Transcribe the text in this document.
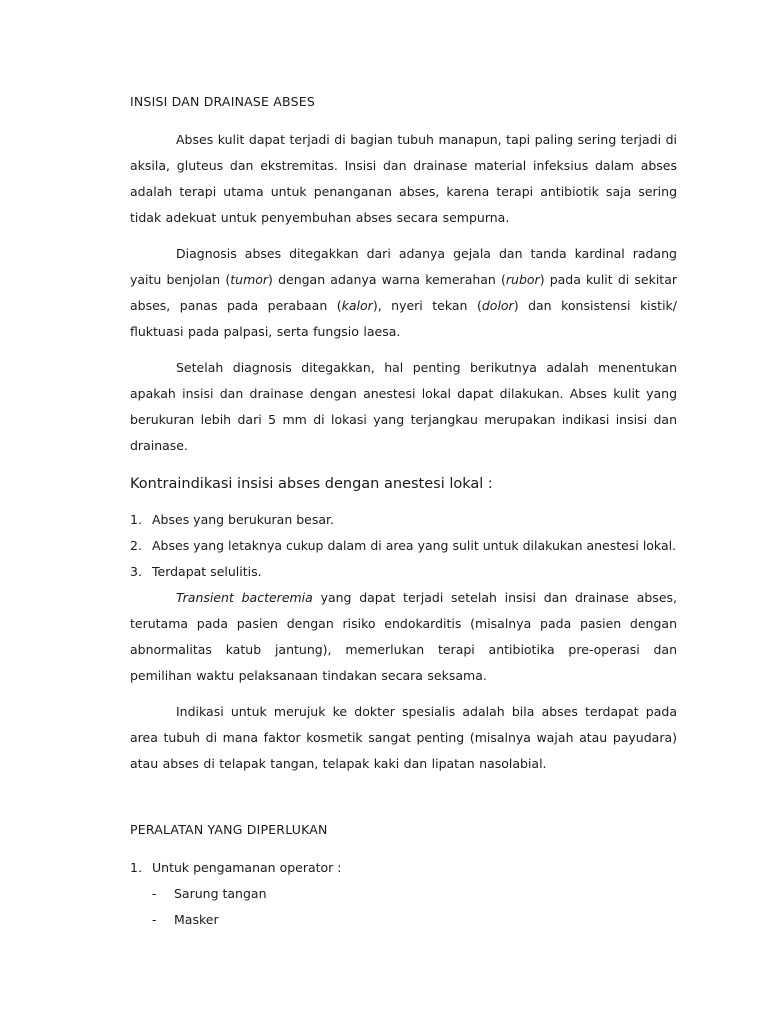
INSISI DAN DRAINASE ABSES

Abses kulit dapat terjadi di bagian tubuh manapun, tapi paling sering terjadi di aksila, gluteus dan ekstremitas. Insisi dan drainase material infeksius dalam abses adalah terapi utama untuk penanganan abses, karena terapi antibiotik saja sering tidak adekuat untuk penyembuhan abses secara sempurna.

Diagnosis abses ditegakkan dari adanya gejala dan tanda kardinal radang yaitu benjolan (tumor) dengan adanya warna kemerahan (rubor) pada kulit di sekitar abses, panas pada perabaan (kalor), nyeri tekan (dolor) dan konsistensi kistik/ fluktuasi pada palpasi, serta fungsio laesa.

Setelah diagnosis ditegakkan, hal penting berikutnya adalah menentukan apakah insisi dan drainase dengan anestesi lokal dapat dilakukan. Abses kulit yang berukuran lebih dari 5 mm di lokasi yang terjangkau merupakan indikasi insisi dan drainase.

Kontraindikasi insisi abses dengan anestesi lokal :
1. Abses yang berukuran besar.
2. Abses yang letaknya cukup dalam di area yang sulit untuk dilakukan anestesi lokal.
3. Terdapat selulitis.

Transient bacteremia yang dapat terjadi setelah insisi dan drainase abses, terutama pada pasien dengan risiko endokarditis (misalnya pada pasien dengan abnormalitas katub jantung), memerlukan terapi antibiotika pre-operasi dan pemilihan waktu pelaksanaan tindakan secara seksama.

Indikasi untuk merujuk ke dokter spesialis adalah bila abses terdapat pada area tubuh di mana faktor kosmetik sangat penting (misalnya wajah atau payudara) atau abses di telapak tangan, telapak kaki dan lipatan nasolabial.

PERALATAN YANG DIPERLUKAN
1. Untuk pengamanan operator :
- Sarung tangan
- Masker
